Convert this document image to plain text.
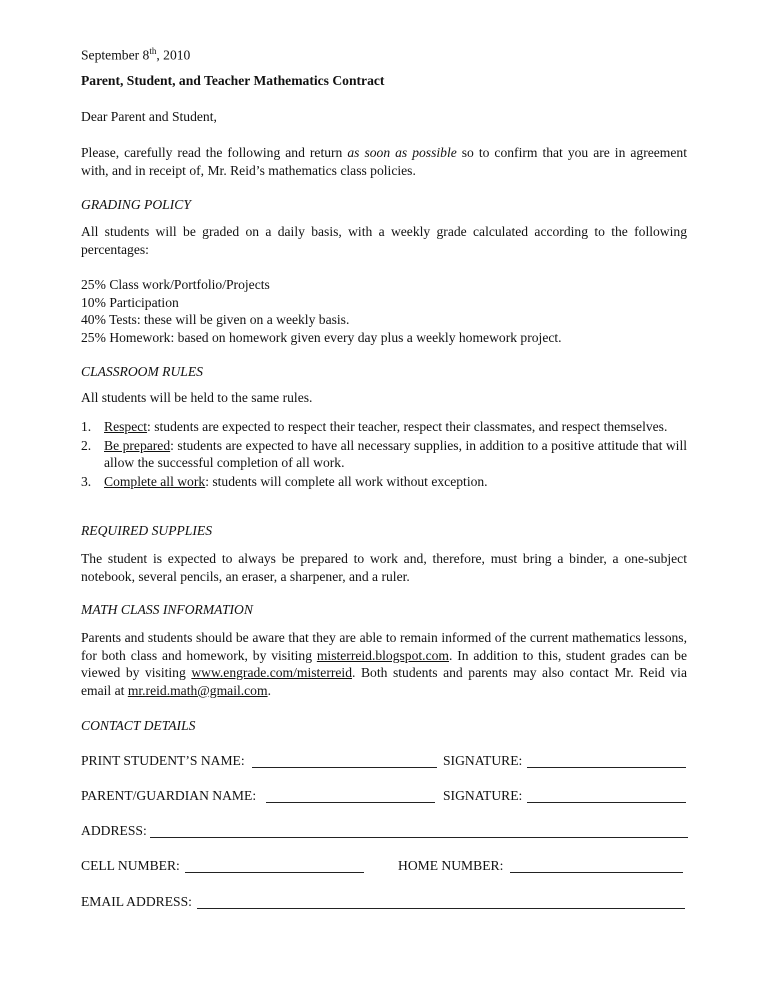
September 8th, 2010
Parent, Student, and Teacher Mathematics Contract
Dear Parent and Student,
Please, carefully read the following and return as soon as possible so to confirm that you are in agreement with, and in receipt of, Mr. Reid’s mathematics class policies.
GRADING POLICY
All students will be graded on a daily basis, with a weekly grade calculated according to the following percentages:
25% Class work/Portfolio/Projects
10% Participation
40% Tests: these will be given on a weekly basis.
25% Homework: based on homework given every day plus a weekly homework project.
CLASSROOM RULES
All students will be held to the same rules.
1. Respect: students are expected to respect their teacher, respect their classmates, and respect themselves.
2. Be prepared: students are expected to have all necessary supplies, in addition to a positive attitude that will allow the successful completion of all work.
3. Complete all work: students will complete all work without exception.
REQUIRED SUPPLIES
The student is expected to always be prepared to work and, therefore, must bring a binder, a one-subject notebook, several pencils, an eraser, a sharpener, and a ruler.
MATH CLASS INFORMATION
Parents and students should be aware that they are able to remain informed of the current mathematics lessons, for both class and homework, by visiting misterreid.blogspot.com. In addition to this, student grades can be viewed by visiting www.engrade.com/misterreid. Both students and parents may also contact Mr. Reid via email at mr.reid.math@gmail.com.
CONTACT DETAILS
PRINT STUDENT’S NAME:	SIGNATURE:
PARENT/GUARDIAN NAME:	SIGNATURE:
ADDRESS:
CELL NUMBER:	HOME NUMBER:
EMAIL ADDRESS:
